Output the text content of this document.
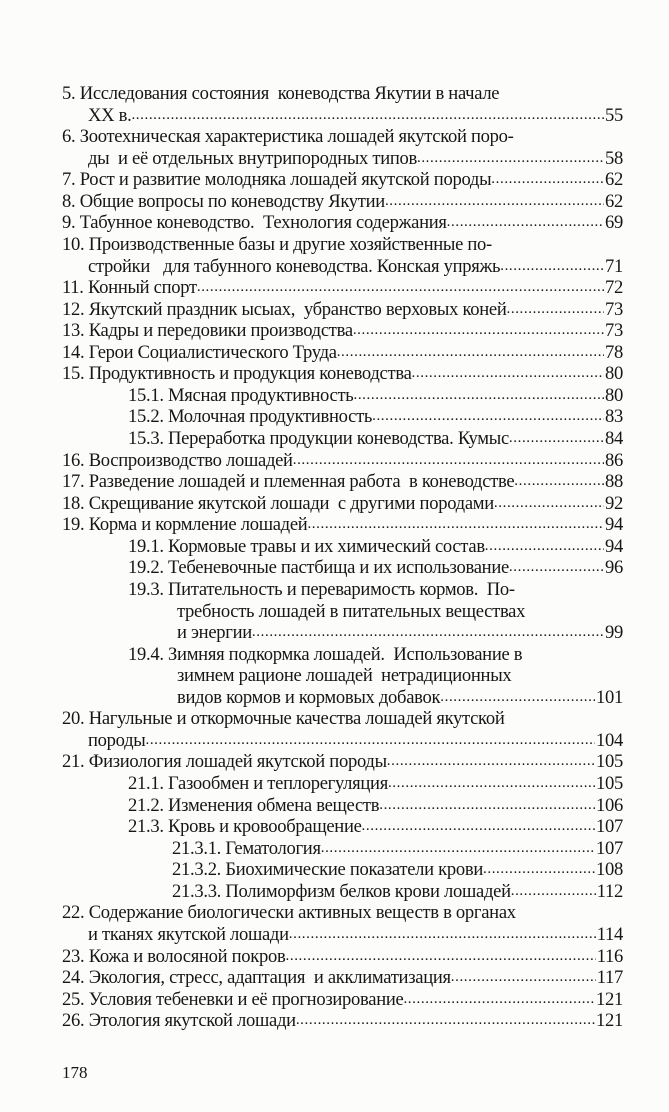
5. Исследования состояния  коневодства Якутии в начале
XX в. .....	55
6. Зоотехническая характеристика лошадей якутской поро-
ды  и её отдельных внутрипородных типов .....	58
7. Рост и развитие молодняка лошадей якутской породы .....	62
8. Общие вопросы по коневодству Якутии .....	62
9. Табунное коневодство.  Технология содержания .....	69
10. Производственные базы и другие хозяйственные по-
стройки   для табунного коневодства. Конская упряжь .....	71
11. Конный спорт .....	72
12. Якутский праздник ысыах,  убранство верховых коней .....	73
13. Кадры и передовики производства .....	73
14. Герои Социалистического Труда .....	78
15. Продуктивность и продукция коневодства .....	80
15.1. Мясная продуктивность .....	80
15.2. Молочная продуктивность .....	83
15.3. Переработка продукции коневодства. Кумыс .....	84
16. Воспроизводство лошадей .....	86
17. Разведение лошадей и племенная работа  в коневодстве .....	88
18. Скрещивание якутской лошади  с другими породами .....	92
19. Корма и кормление лошадей .....	94
19.1. Кормовые травы и их химический состав .....	94
19.2. Тебеневочные пастбища и их использование .....	96
19.3. Питательность и переваримость кормов.  По-
требность лошадей в питательных веществах
и энергии .....	99
19.4. Зимняя подкормка лошадей.  Использование в
зимнем рационе лошадей  нетрадиционных
видов кормов и кормовых добавок .....	101
20. Нагульные и откормочные качества лошадей якутской
породы .....	104
21. Физиология лошадей якутской породы .....	105
21.1. Газообмен и теплорегуляция .....	105
21.2. Изменения обмена веществ .....	106
21.3. Кровь и кровообращение .....	107
21.3.1. Гематология .....	107
21.3.2. Биохимические показатели крови .....	108
21.3.3. Полиморфизм белков крови лошадей .....	112
22. Содержание биологически активных веществ в органах
и тканях якутской лошади .....	114
23. Кожа и волосяной покров .....	116
24. Экология, стресс, адаптация  и акклиматизация .....	117
25. Условия тебеневки и её прогнозирование .....	121
26. Этология якутской лошади .....	121
178
